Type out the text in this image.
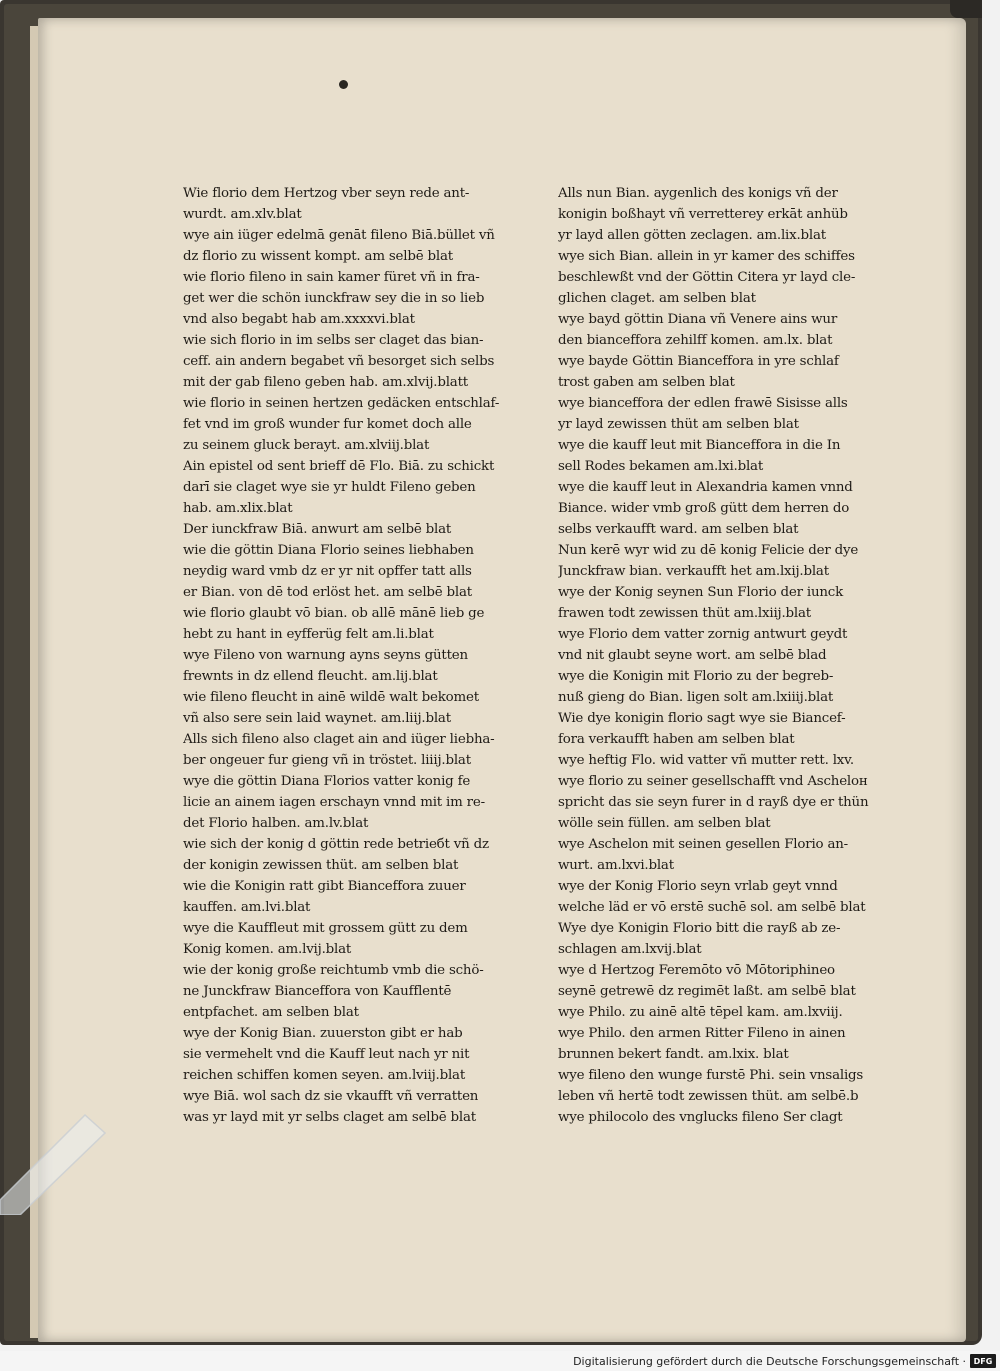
Wie florio dem Hertzog vber seyn rede ant-
wurdt. am.xlv.blat
wye ain iüger edelmā genāt fileno Biā.büllet vñ
dz florio zu wissent kompt. am selbē blat
wie florio fileno in sain kamer füret vñ in fra-
get wer die schön iunckfraw sey die in so lieb
vnd also begabt hab am.xxxxvi.blat
wie sich florio in im selbs ser claget das bian-
ceff. ain andern begabet vñ besorget sich selbs
mit der gab fileno geben hab. am.xlvij.blatt
wie florio in seinen hertzen gedäcken entschlaf-
fet vnd im groß wunder fur komet doch alle
zu seinem gluck berayt. am.xlviij.blat
Ain epistel od sent brieff dē Flo. Biā. zu schickt
darī sie claget wye sie yr huldt Fileno geben
hab. am.xlix.blat
Der iunckfraw Biā. anwurt am selbē blat
wie die göttin Diana Florio seines liebhaben
neydig ward vmb dz er yr nit opffer tatt alls
er Bian. von dē tod erlöst het. am selbē blat
wie florio glaubt vō bian. ob allē mānē lieb ge
hebt zu hant in eyfferüg felt am.li.blat
wye Fileno von warnung ayns seyns gütten
frewnts in dz ellend fleucht. am.lij.blat
wie fileno fleucht in ainē wildē walt bekomet
vñ also sere sein laid waynet. am.liij.blat
Alls sich fileno also claget ain and iüger liebha-
ber ongeuer fur gieng vñ in tröstet. liiij.blat
wye die göttin Diana Florios vatter konig fe
licie an ainem iagen erschayn vnnd mit im re-
det Florio halben. am.lv.blat
wie sich der konig d göttin rede betrieбt vñ dz
der konigin zewissen thüt. am selben blat
wie die Konigin ratt gibt Bianceffora zuuer
kauffen. am.lvi.blat
wye die Kauffleut mit grossem gütt zu dem
Konig komen. am.lvij.blat
wie der konig große reichtumb vmb die schö-
ne Junckfraw Bianceffora von Kaufflentē
entpfachet. am selben blat
wye der Konig Bian. zuuerston gibt er hab
sie vermehelt vnd die Kauff leut nach yr nit
reichen schiffen komen seyen. am.lviij.blat
wye Biā. wol sach dz sie vkaufft vñ verratten
was yr layd mit yr selbs claget am selbē blat
Alls nun Bian. aygenlich des konigs vñ der
konigin boßhayt vñ verretterey erkāt anhüb
yr layd allen götten zeclagen. am.lix.blat
wye sich Bian. allein in yr kamer des schiffes
beschlewßt vnd der Göttin Citera yr layd cle-
glichen claget. am selben blat
wye bayd göttin Diana vñ Venere ains wur
den bianceffora zehilff komen. am.lx. blat
wye bayde Göttin Bianceffora in yre schlaf
trost gaben am selben blat
wye bianceffora der edlen frawē Sisisse alls
yr layd zewissen thüt am selben blat
wye die kauff leut mit Bianceffora in die In
sell Rodes bekamen am.lxi.blat
wye die kauff leut in Alexandria kamen vnnd
Biance. wider vmb groß gütt dem herren do
selbs verkaufft ward. am selben blat
Nun kerē wyr wid zu dē konig Felicie der dye
Junckfraw bian. verkaufft het am.lxij.blat
wye der Konig seynen Sun Florio der iunck
frawen todt zewissen thüt am.lxiij.blat
wye Florio dem vatter zornig antwurt geydt
vnd nit glaubt seyne wort. am selbē blad
wye die Konigin mit Florio zu der begreb-
nuß gieng do Bian. ligen solt am.lxiiij.blat
Wie dye konigin florio sagt wye sie Biancef-
fora verkaufft haben am selben blat
wye heftig Flo. wid vatter vñ mutter rett. lxv.
wye florio zu seiner gesellschafft vnd Ascheloн
spricht das sie seyn furer in d rayß dye er thün
wölle sein füllen. am selben blat
wye Aschelon mit seinen gesellen Florio an-
wurt. am.lxvi.blat
wye der Konig Florio seyn vrlab geyt vnnd
welche läd er vō erstē suchē sol. am selbē blat
Wye dye Konigin Florio bitt die rayß ab ze-
schlagen am.lxvij.blat
wye d Hertzog Feremōto vō Mōtoriphineo
seynē getrewē dz regimēt laßt. am selbē blat
wye Philo. zu ainē altē tēpel kam. am.lxviij.
wye Philo. den armen Ritter Fileno in ainen
brunnen bekert fandt. am.lxix. blat
wye fileno den wunge furstē Phi. sein vnsaligs
leben vñ hertē todt zewissen thüt. am selbē.b
wye philocolo des vnglucks fileno Ser clagt
Digitalisierung gefördert durch die Deutsche Forschungsgemeinschaft · DFG
